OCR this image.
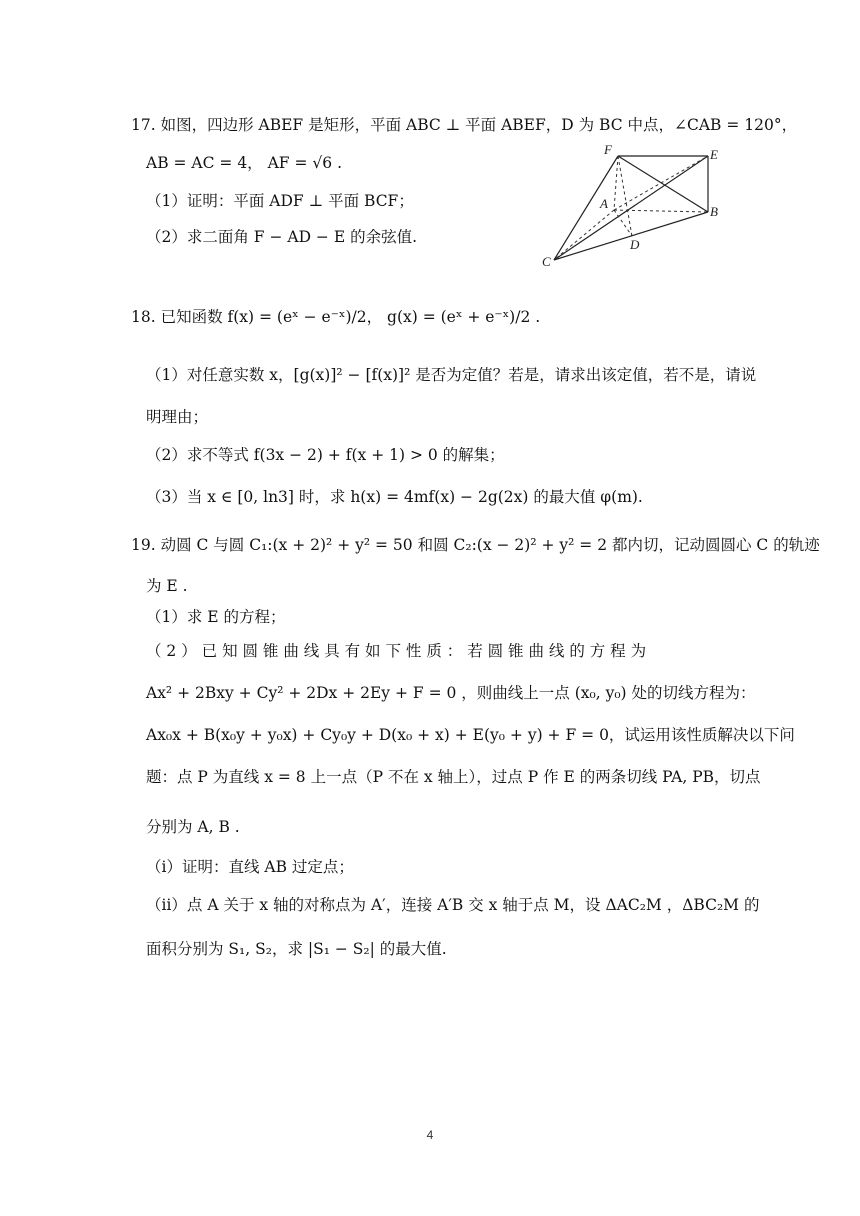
17. 如图，四边形 ABEF 是矩形，平面 ABC ⊥ 平面 ABEF，D 为 BC 中点，∠CAB = 120°，
AB = AC = 4， AF = √6 .
（1）证明：平面 ADF ⊥ 平面 BCF；
（2）求二面角 F − AD − E 的余弦值.
F	E
A
B
D
C
18. 已知函数 f(x) = (eˣ − e⁻ˣ)/2， g(x) = (eˣ + e⁻ˣ)/2 .
（1）对任意实数 x，[g(x)]² − [f(x)]² 是否为定值？若是，请求出该定值，若不是，请说
明理由；
（2）求不等式 f(3x − 2) + f(x + 1) > 0 的解集；
（3）当 x ∈ [0, ln3] 时，求 h(x) = 4mf(x) − 2g(2x) 的最大值 φ(m).
19. 动圆 C 与圆 C₁:(x + 2)² + y² = 50 和圆 C₂:(x − 2)² + y² = 2 都内切，记动圆圆心 C 的轨迹
为 E .
（1）求 E 的方程；
（ 2 ） 已 知 圆 锥 曲 线 具 有 如 下 性 质 ： 若 圆 锥 曲 线 的 方 程 为
Ax² + 2Bxy + Cy² + 2Dx + 2Ey + F = 0 ，则曲线上一点 (x₀, y₀) 处的切线方程为：
Ax₀x + B(x₀y + y₀x) + Cy₀y + D(x₀ + x) + E(y₀ + y) + F = 0，试运用该性质解决以下问
题：点 P 为直线 x = 8 上一点（P 不在 x 轴上），过点 P 作 E 的两条切线 PA, PB，切点
分别为 A, B .
（ⅰ）证明：直线 AB 过定点；
（ⅱ）点 A 关于 x 轴的对称点为 A′，连接 A′B 交 x 轴于点 M，设 ΔAC₂M ，ΔBC₂M 的
面积分别为 S₁, S₂，求 |S₁ − S₂| 的最大值.
4
